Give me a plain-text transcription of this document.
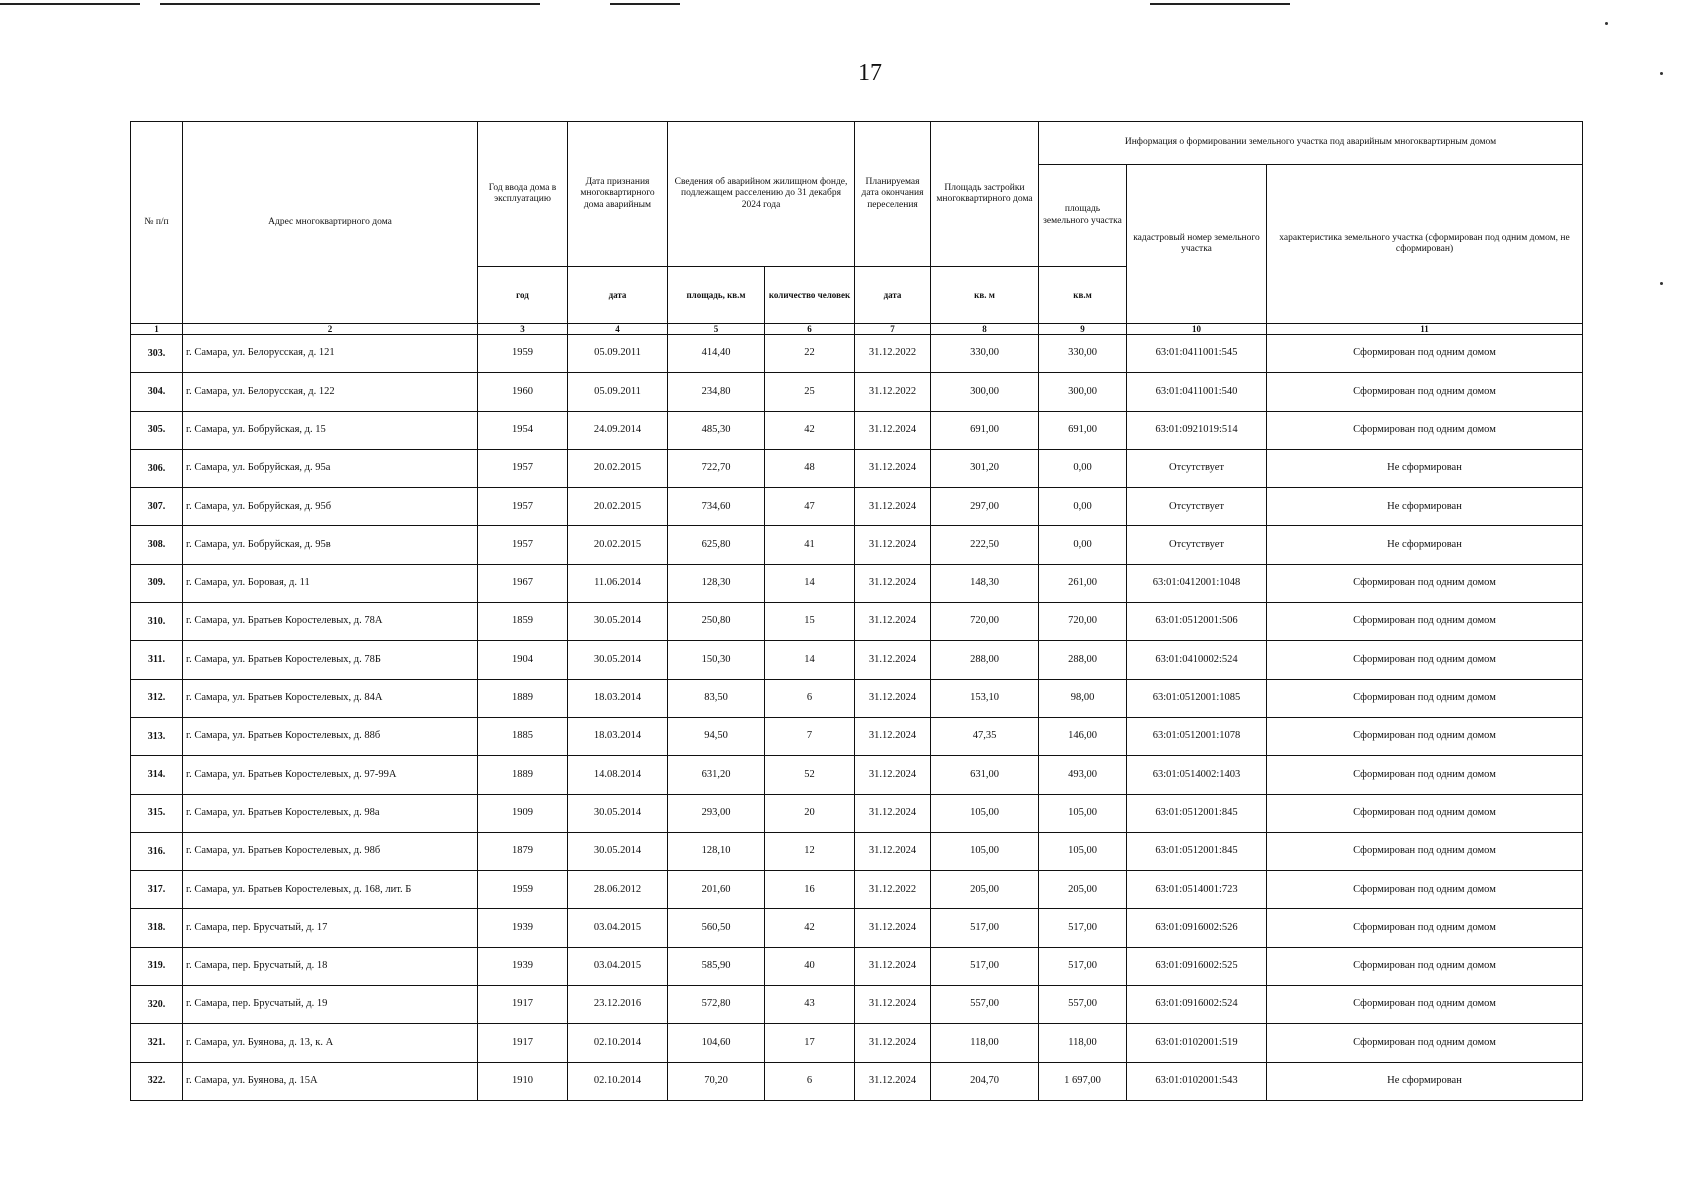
17
№ п/п	Адрес многоквартирного дома	Год ввода дома в эксплуатацию	Дата признания многоквартирного дома аварийным	Сведения об аварийном жилищном фонде, подлежащем расселению до 31 декабря 2024 года		Планируемая дата окончания переселения	Площадь застройки многоквартирного дома	Информация о формировании земельного участка под аварийным многоквартирным домом		
								площадь земельного участка	кадастровый номер земельного участка	характеристика земельного участка (сформирован под одним домом, не сформирован)
		год	дата	площадь, кв.м	количество человек	дата	кв. м	кв.м		
1	2	3	4	5	6	7	8	9	10	11
303.	г. Самара, ул. Белорусская, д. 121	1959	05.09.2011	414,40	22	31.12.2022	330,00	330,00	63:01:0411001:545	Сформирован под одним домом
304.	г. Самара, ул. Белорусская, д. 122	1960	05.09.2011	234,80	25	31.12.2022	300,00	300,00	63:01:0411001:540	Сформирован под одним домом
305.	г. Самара, ул. Бобруйская, д. 15	1954	24.09.2014	485,30	42	31.12.2024	691,00	691,00	63:01:0921019:514	Сформирован под одним домом
306.	г. Самара, ул. Бобруйская, д. 95а	1957	20.02.2015	722,70	48	31.12.2024	301,20	0,00	Отсутствует	Не сформирован
307.	г. Самара, ул. Бобруйская, д. 95б	1957	20.02.2015	734,60	47	31.12.2024	297,00	0,00	Отсутствует	Не сформирован
308.	г. Самара, ул. Бобруйская, д. 95в	1957	20.02.2015	625,80	41	31.12.2024	222,50	0,00	Отсутствует	Не сформирован
309.	г. Самара, ул. Боровая, д. 11	1967	11.06.2014	128,30	14	31.12.2024	148,30	261,00	63:01:0412001:1048	Сформирован под одним домом
310.	г. Самара, ул. Братьев Коростелевых, д. 78А	1859	30.05.2014	250,80	15	31.12.2024	720,00	720,00	63:01:0512001:506	Сформирован под одним домом
311.	г. Самара, ул. Братьев Коростелевых, д. 78Б	1904	30.05.2014	150,30	14	31.12.2024	288,00	288,00	63:01:0410002:524	Сформирован под одним домом
312.	г. Самара, ул. Братьев Коростелевых, д. 84А	1889	18.03.2014	83,50	6	31.12.2024	153,10	98,00	63:01:0512001:1085	Сформирован под одним домом
313.	г. Самара, ул. Братьев Коростелевых, д. 88б	1885	18.03.2014	94,50	7	31.12.2024	47,35	146,00	63:01:0512001:1078	Сформирован под одним домом
314.	г. Самара, ул. Братьев Коростелевых, д. 97-99А	1889	14.08.2014	631,20	52	31.12.2024	631,00	493,00	63:01:0514002:1403	Сформирован под одним домом
315.	г. Самара, ул. Братьев Коростелевых, д. 98а	1909	30.05.2014	293,00	20	31.12.2024	105,00	105,00	63:01:0512001:845	Сформирован под одним домом
316.	г. Самара, ул. Братьев Коростелевых, д. 98б	1879	30.05.2014	128,10	12	31.12.2024	105,00	105,00	63:01:0512001:845	Сформирован под одним домом
317.	г. Самара, ул. Братьев Коростелевых, д. 168, лит. Б	1959	28.06.2012	201,60	16	31.12.2022	205,00	205,00	63:01:0514001:723	Сформирован под одним домом
318.	г. Самара, пер. Брусчатый, д. 17	1939	03.04.2015	560,50	42	31.12.2024	517,00	517,00	63:01:0916002:526	Сформирован под одним домом
319.	г. Самара, пер. Брусчатый, д. 18	1939	03.04.2015	585,90	40	31.12.2024	517,00	517,00	63:01:0916002:525	Сформирован под одним домом
320.	г. Самара, пер. Брусчатый, д. 19	1917	23.12.2016	572,80	43	31.12.2024	557,00	557,00	63:01:0916002:524	Сформирован под одним домом
321.	г. Самара, ул. Буянова, д. 13, к. А	1917	02.10.2014	104,60	17	31.12.2024	118,00	118,00	63:01:0102001:519	Сформирован под одним домом
322.	г. Самара, ул. Буянова, д. 15А	1910	02.10.2014	70,20	6	31.12.2024	204,70	1 697,00	63:01:0102001:543	Не сформирован
